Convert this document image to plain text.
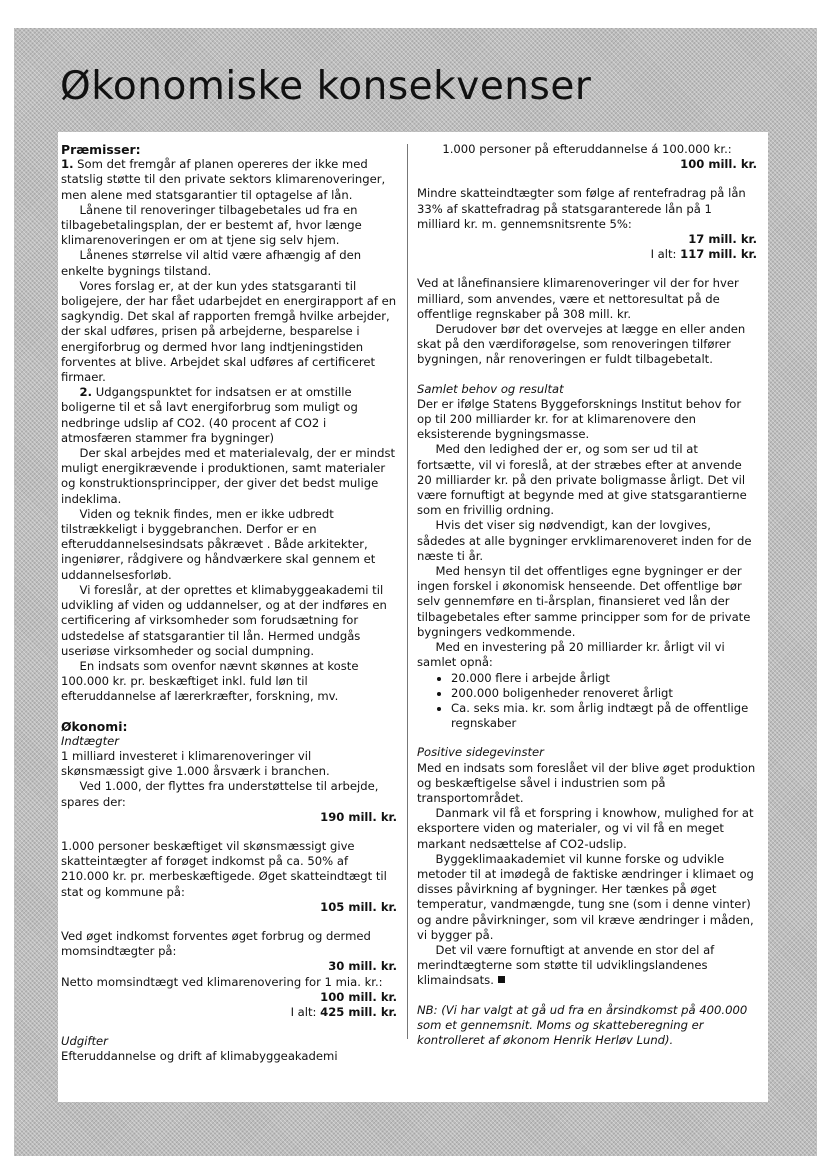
Økonomiske konsekvenser

Præmisser:

1. Som det fremgår af planen opereres der ikke med statslig støtte til den private sektors klimarenoveringer, men alene med statsgarantier til optagelse af lån.

Lånene til renoveringer tilbagebetales ud fra en tilbagebetalingsplan, der er bestemt af, hvor længe klimarenoveringen er om at tjene sig selv hjem.

Lånenes størrelse vil altid være afhængig af den enkelte bygnings tilstand.

Vores forslag er, at der kun ydes statsgaranti til boligejere, der har fået udarbejdet en energirapport af en sagkyndig. Det skal af rapporten fremgå hvilke arbejder, der skal udføres, prisen på arbejderne, besparelse i energiforbrug og dermed hvor lang indtjeningstiden forventes at blive. Arbejdet skal udføres af certificeret firmaer.

2. Udgangspunktet for indsatsen er at omstille boligerne til et så lavt energiforbrug som muligt og nedbringe udslip af CO2. (40 procent af CO2 i atmosfæren stammer fra bygninger)

Der skal arbejdes med et materialevalg, der er mindst muligt energikrævende i produktionen, samt materialer og konstruktionsprincipper, der giver det bedst mulige indeklima.

Viden og teknik findes, men er ikke udbredt tilstrækkeligt i byggebranchen. Derfor er en efteruddannelsesindsats påkrævet . Både arkitekter, ingeniører, rådgivere og håndværkere skal gennem et uddannelsesforløb.

Vi foreslår, at der oprettes et klimabyggeakademi til udvikling af viden og uddannelser, og at der indføres en certificering af virksomheder som forudsætning for udstedelse af statsgarantier til lån. Hermed undgås useriøse virksomheder og social dumpning.

En indsats som ovenfor nævnt skønnes at koste 100.000 kr. pr. beskæftiget inkl. fuld løn til efteruddannelse af lærerkræfter, forskning, mv.

Økonomi:

Indtægter

1 milliard investeret i klimarenoveringer vil skønsmæssigt give 1.000 årsværk i branchen.

Ved 1.000, der flyttes fra understøttelse til arbejde, spares der:

190 mill. kr.

1.000 personer beskæftiget vil skønsmæssigt give skatteintægter af forøget indkomst på ca. 50% af 210.000 kr. pr. merbeskæftigede. Øget skatteindtægt til stat og kommune på:

105 mill. kr.

Ved øget indkomst forventes øget forbrug og dermed momsindtægter på:

30 mill. kr.

Netto momsindtægt ved klimarenovering for 1 mia. kr.:

100 mill. kr.

I alt: 425 mill. kr.

Udgifter

Efteruddannelse og drift af klimabyggeakademi

1.000 personer på efteruddannelse á 100.000 kr.:

100 mill. kr.

Mindre skatteindtægter som følge af rentefradrag på lån 33% af skattefradrag på statsgaranterede lån på 1 milliard kr. m. gennemsnitsrente 5%:

17 mill. kr.

I alt: 117 mill. kr.

Ved at lånefinansiere klimarenoveringer vil der for hver milliard, som anvendes, være et nettoresultat på de offentlige regnskaber på 308 mill. kr.

Derudover bør det overvejes at lægge en eller anden skat på den værdiforøgelse, som renoveringen tilfører bygningen, når renoveringen er fuldt tilbagebetalt.

Samlet behov og resultat

Der er ifølge Statens Byggeforsknings Institut behov for op til 200 milliarder kr. for at klimarenovere den eksisterende bygningsmasse.

Med den ledighed der er, og som ser ud til at fortsætte, vil vi foreslå, at der stræbes efter at anvende 20 milliarder kr. på den private boligmasse årligt. Det vil være fornuftigt at begynde med at give statsgarantierne som en frivillig ordning.

Hvis det viser sig nødvendigt, kan der lovgives, sådedes at alle bygninger ervklimarenoveret inden for de næste ti år.

Med hensyn til det offentliges egne bygninger er der ingen forskel i økonomisk henseende. Det offentlige bør selv gennemføre en ti-årsplan, finansieret ved lån der tilbagebetales efter samme principper som for de private bygningers vedkommende.

Med en investering på 20 milliarder kr. årligt vil vi samlet opnå:

• 20.000 flere i arbejde årligt
• 200.000 boligenheder renoveret årligt
• Ca. seks mia. kr. som årlig indtægt på de offentlige regnskaber

Positive sidegevinster

Med en indsats som foreslået vil der blive øget produktion og beskæftigelse såvel i industrien som på transportområdet.

Danmark vil få et forspring i knowhow, mulighed for at eksportere viden og materialer, og vi vil få en meget markant nedsættelse af CO2-udslip.

Byggeklimaakademiet vil kunne forske og udvikle metoder til at imødegå de faktiske ændringer i klimaet og disses påvirkning af bygninger. Her tænkes på øget temperatur, vandmængde, tung sne (som i denne vinter) og andre påvirkninger, som vil kræve ændringer i måden, vi bygger på.

Det vil være fornuftigt at anvende en stor del af merindtægterne som støtte til udviklingslandenes klimaindsats.

NB: (Vi har valgt at gå ud fra en årsindkomst på 400.000 som et gennemsnit. Moms og skatteberegning er kontrolleret af økonom Henrik Herløv Lund).
